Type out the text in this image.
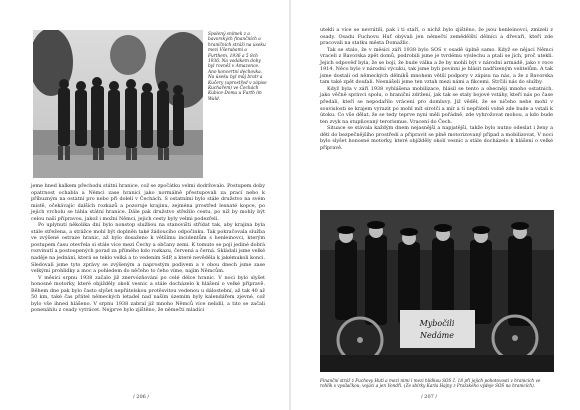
Spolený snímek z a bavorských finančních a hraničních stráží na úseku mezi Všerubami a Furthem, 1936 a 5 8ch 1936. Na vodákem doby byl rovněž v Amazonce. Ano koncertní dechovka. Na úseku byl můj bratr a Kučery (uprostřed v zápise Kuchařem) ve Čechách Kubice-Doma u Furth im Wald.

jeme hned kalkem přechodu státní hranice, což se zpočátku velmi dodržovalo. Postupem doby opatrnost ochabla a Němci zase hranici jako normálně přestupovali za prací nebo k příbuzným na ostatní pro nebo při doleli v Čechách. S ostatními bylo stále družstvo na svém místě, očekávajíc dalších rozkazů a pozoruje krajinu, zejména prostřed lesnaté kopce, po jejich vrcholu se táhla státní hranice. Dále pak družstvo střežilo cestu, po níž by mohly být celou naší přípravou, jakož i možní Němci, jejich cesty byly velmi podezřelí.

Po uplynutí několika dní bylo nonstop službou na stanovišti střídat tak, aby krajina byla stále střežena, a strážce mohl být doplněn také žádoucího odpočinku. Tak pokračovala služba ve zvýšené ostraze hranic, až bylo dosaženo k většímu incidentům s henleinovci, kterým postupem času otevřela si stále více mezi Čechy a občany zemi. K tomuto se pojí jediné dobrá rozvinutí a postoupených porad za přímého kdo rozkazu, červená a černá. Skládali jsme velké naděje na jednání, která se teklo velká a to vedením SdP, a které nevěděla k jakémukoli konci. Sledovali jsme tyto zprávy se zvýšeným a naprostým podivem a v obou dnech jsme zase velkými prohlídky a moc a pohledem do něčeho to čeho víme, najím Němcům.

V měsíci srpnu 1938 začalo již znervózňování po celé délce hranic. V noci bylo slyšet honosné motorky, které objížděly okolí vesnic a stále docházelo k hlášení o velké přípravě. Během dne pak bylo často slyšet nepřátelskou protěsvitou vedenou u dálostební, až tak 40 až 50 km, také čas přátel německých letadel nad naším územím byly kalendářem zjevné, což bylo vše ihned hlášeno. V srpnu 1938 zabral již mnoho Němců více nelidil, a tito se začali ponenáhlu z ceady vytrácet. Nejprve bylo zjištěno, že němečtí mladíci

/ 206 /

utekli a více se nevrátili, pak i ti staří, o nichž bylo zjištěno, že jsou henleinovci, zmizeli z osady. Osadu Fuchovu Huť obývali jen němečtí zemědělští dělníci a dřevaři, kteří zde pracovali na statku města Domažlic.

Tak se stalo, že v měsíci září 1938 bylo SOS v osadě úplně samo. Když se nějací Němci vraceli z Bavorska zpět domů, podrobili jsme je tvrdému výslechu a ptali se jich, proč utekli. Jejich odpověď byla, že se bojí, že bude válka a že by mohli být v národní armádě, jako v roce 1914. Něco bylo v národní výcuku, tak jsme byli povinni je hlásit nadřízeným velitelům. A tak jsme dostali od německých dělníků mnohem větší podpory v zápisu na nás, a že z Bavorska tam také zpět doufali. Nesnášeli jsme ten vztah mezi námi a fikcemi. Strčili nás do služby.

Když byla v září 1938 vyhlášena mobilizace, hlásil se tento a obecněji mnoho ostatních, jako věčně správci spolu, o hraniční zdržení, jak tak se staly bojové vstáhy, kteří nás po čase předali, kteří se nepodařilo vrácení pro domluvy. Již věděl, že se ničeho nebe mohl v souvislosti se krajem vyrazit po mohl mít sirotčí a mír a ti nepřáteli volně zde bude a vstali k útoku. Co vše dělat, že se tedy teprve nyní měli pořádně, zde vyhrožovat mohou, a kdo bude ten zvyk na stupňovaný terorismus. Vracení do Čech.

Situace se stávala každým dnem nejasnější a napjatější, takže bylo nutno odeslat i ženy a děti do bezpečnějšího prostředí a připravit se plně motorizovaný případ a mobilizovat, V noci bylo slyšet honosné motorky, které objížděly okolí vesnic a stále docházelo k hlášení o velké přípravě.

Mybočili
Nedáme
Finanční stráž z Fuchovy Huti a mezi nimi i mezi hlídkou SOS č. 18 při jejich pohotovosti v hranicích ve rohlík s vysílačkou, vojáci a jen Vondři. (Ze sbírky Karla Hajny z Pražského výdeje SOS na hranicích).
/ 207 /
